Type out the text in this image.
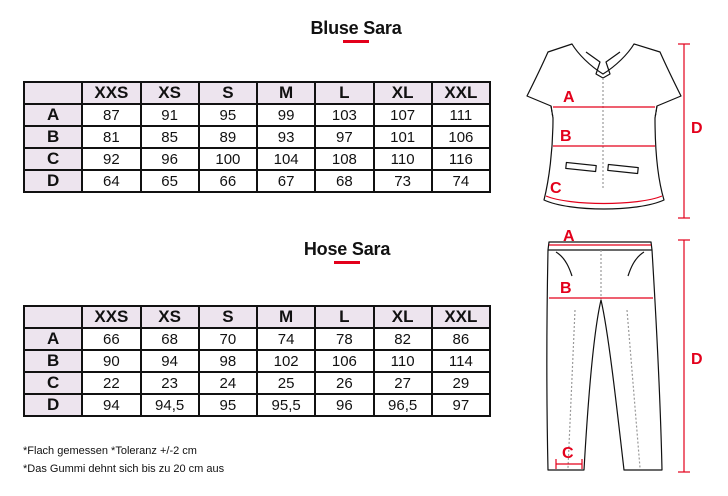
Bluse Sara
	XXS	XS	S	M	L	XL	XXL
A	87	91	95	99	103	107	111
B	81	85	89	93	97	101	106
C	92	96	100	104	108	110	116
D	64	65	66	67	68	73	74
Hose Sara
	XXS	XS	S	M	L	XL	XXL
A	66	68	70	74	78	82	86
B	90	94	98	102	106	110	114
C	22	23	24	25	26	27	29
D	94	94,5	95	95,5	96	96,5	97
*Flach gemessen *Toleranz +/-2 cm
*Das Gummi dehnt sich bis zu 20 cm aus
A
B
C
D
A
B
C
D
